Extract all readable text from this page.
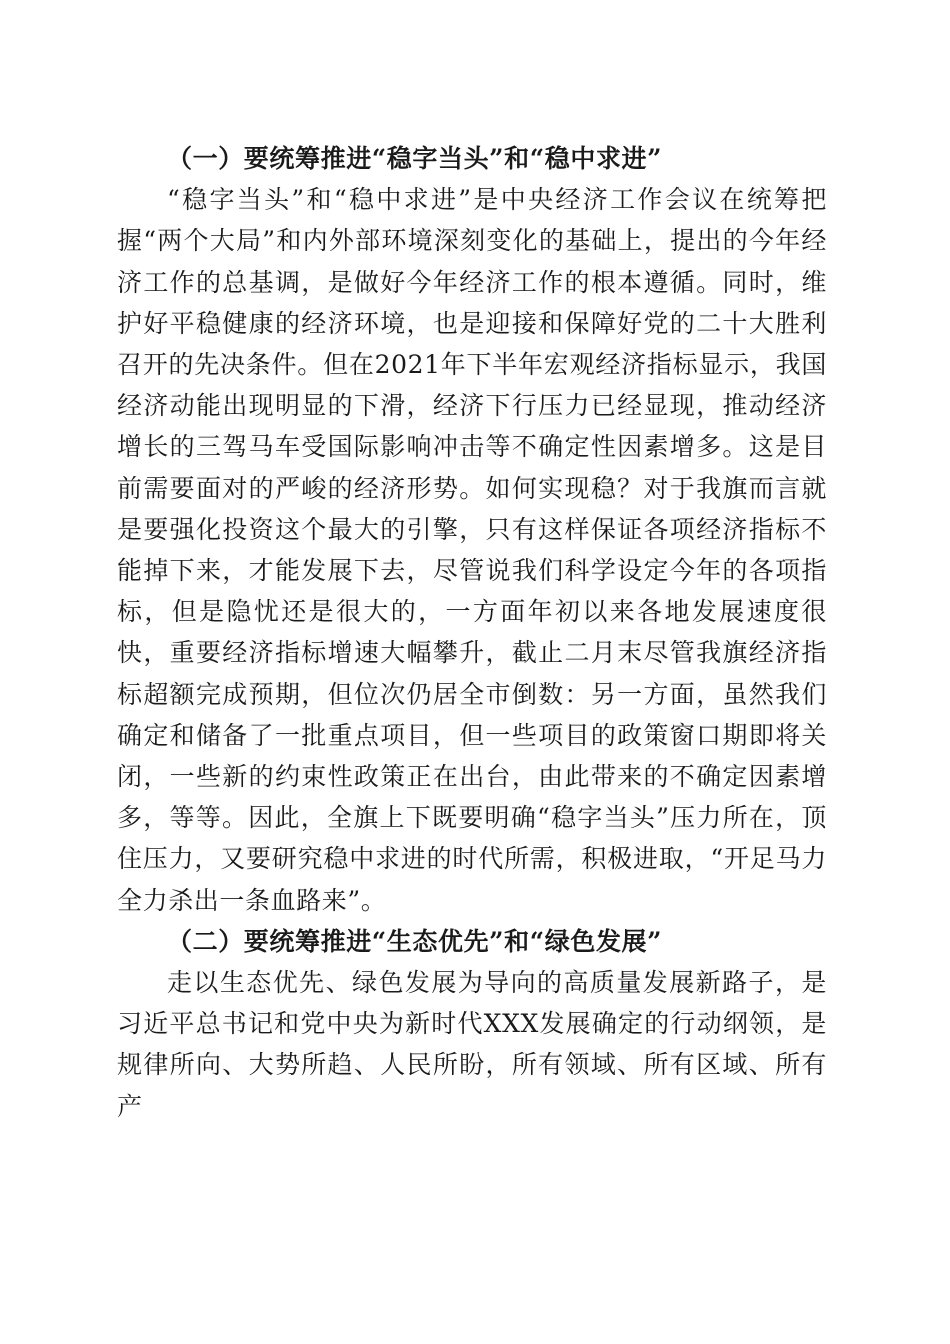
（一）要统筹推进“稳字当头”和“稳中求进”

“稳字当头”和“稳中求进”是中央经济工作会议在统筹把握“两个大局”和内外部环境深刻变化的基础上，提出的今年经济工作的总基调，是做好今年经济工作的根本遵循。同时，维护好平稳健康的经济环境，也是迎接和保障好党的二十大胜利召开的先决条件。但在2021年下半年宏观经济指标显示，我国经济动能出现明显的下滑，经济下行压力已经显现，推动经济增长的三驾马车受国际影响冲击等不确定性因素增多。这是目前需要面对的严峻的经济形势。如何实现稳？对于我旗而言就是要强化投资这个最大的引擎，只有这样保证各项经济指标不能掉下来，才能发展下去，尽管说我们科学设定今年的各项指标，但是隐忧还是很大的，一方面年初以来各地发展速度很快，重要经济指标增速大幅攀升，截止二月末尽管我旗经济指标超额完成预期，但位次仍居全市倒数：另一方面，虽然我们确定和储备了一批重点项目，但一些项目的政策窗口期即将关闭，一些新的约束性政策正在出台，由此带来的不确定因素增多，等等。因此，全旗上下既要明确“稳字当头”压力所在，顶住压力，又要研究稳中求进的时代所需，积极进取，“开足马力全力杀出一条血路来”。

（二）要统筹推进“生态优先”和“绿色发展”

走以生态优先、绿色发展为导向的高质量发展新路子，是习近平总书记和党中央为新时代XXX发展确定的行动纲领，是规律所向、大势所趋、人民所盼，所有领域、所有区域、所有产
